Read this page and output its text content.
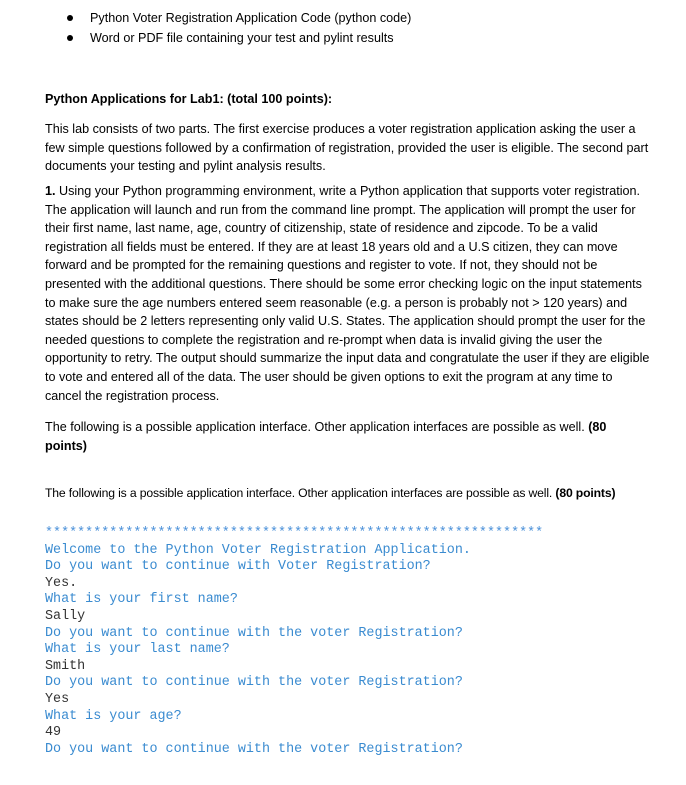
Python Voter Registration Application Code (python code)
Word or PDF file containing your test and pylint results

Python Applications for Lab1: (total 100 points):

This lab consists of two parts. The first exercise produces a voter registration application asking the user a few simple questions followed by a confirmation of registration, provided the user is eligible. The second part documents your testing and pylint analysis results.

1. Using your Python programming environment, write a Python application that supports voter registration. The application will launch and run from the command line prompt. The application will prompt the user for their first name, last name, age, country of citizenship, state of residence and zipcode. To be a valid registration all fields must be entered. If they are at least 18 years old and a U.S citizen, they can move forward and be prompted for the remaining questions and register to vote. If not, they should not be presented with the additional questions. There should be some error checking logic on the input statements to make sure the age numbers entered seem reasonable (e.g. a person is probably not > 120 years) and states should be 2 letters representing only valid U.S. States. The application should prompt the user for the needed questions to complete the registration and re-prompt when data is invalid giving the user the opportunity to retry. The output should summarize the input data and congratulate the user if they are eligible to vote and entered all of the data. The user should be given options to exit the program at any time to cancel the registration process.

The following is a possible application interface. Other application interfaces are possible as well. (80 points)

The following is a possible application interface. Other application interfaces are possible as well. (80 points)

**************************************************************
Welcome to the Python Voter Registration Application.
Do you want to continue with Voter Registration?
Yes.
What is your first name?
Sally
Do you want to continue with the voter Registration?
What is your last name?
Smith
Do you want to continue with the voter Registration?
Yes
What is your age?
49
Do you want to continue with the voter Registration?
